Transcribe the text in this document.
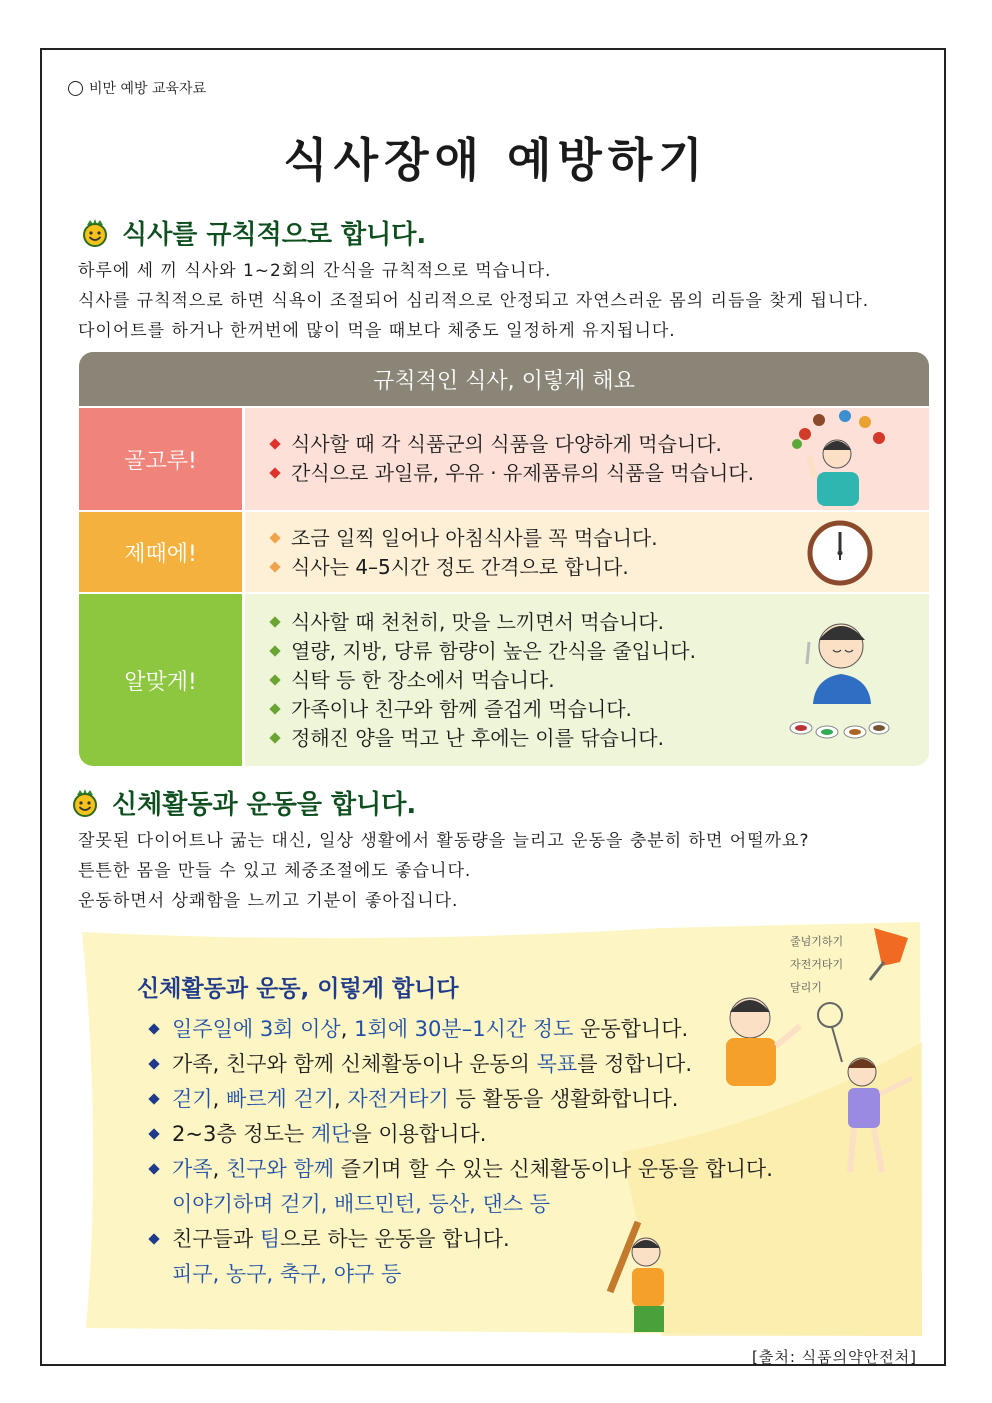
비만 예방 교육자료
식사장애 예방하기
식사를 규칙적으로 합니다.
하루에 세 끼 식사와 1~2회의 간식을 규칙적으로 먹습니다.
식사를 규칙적으로 하면 식욕이 조절되어 심리적으로 안정되고 자연스러운 몸의 리듬을 찾게 됩니다.
다이어트를 하거나 한꺼번에 많이 먹을 때보다 체중도 일정하게 유지됩니다.
규칙적인 식사, 이렇게 해요
골고루!
식사할 때 각 식품군의 식품을 다양하게 먹습니다.
간식으로 과일류, 우유 · 유제품류의 식품을 먹습니다.
제때에!
조금 일찍 일어나 아침식사를 꼭 먹습니다.
식사는 4–5시간 정도 간격으로 합니다.
알맞게!
식사할 때 천천히, 맛을 느끼면서 먹습니다.
열량, 지방, 당류 함량이 높은 간식을 줄입니다.
식탁 등 한 장소에서 먹습니다.
가족이나 친구와 함께 즐겁게 먹습니다.
정해진 양을 먹고 난 후에는 이를 닦습니다.
신체활동과 운동을 합니다.
잘못된 다이어트나 굶는 대신, 일상 생활에서 활동량을 늘리고 운동을 충분히 하면 어떨까요?
튼튼한 몸을 만들 수 있고 체중조절에도 좋습니다.
운동하면서 상쾌함을 느끼고 기분이 좋아집니다.
줄넘기하기
자전거타기
달리기
신체활동과 운동, 이렇게 합니다
일주일에 3회 이상, 1회에 30분–1시간 정도 운동합니다.
가족, 친구와 함께 신체활동이나 운동의 목표를 정합니다.
걷기, 빠르게 걷기, 자전거타기 등 활동을 생활화합니다.
2~3층 정도는 계단을 이용합니다.
가족, 친구와 함께 즐기며 할 수 있는 신체활동이나 운동을 합니다.
이야기하며 걷기, 배드민턴, 등산, 댄스 등
친구들과 팀으로 하는 운동을 합니다.
피구, 농구, 축구, 야구 등
[출처: 식품의약안전처]
